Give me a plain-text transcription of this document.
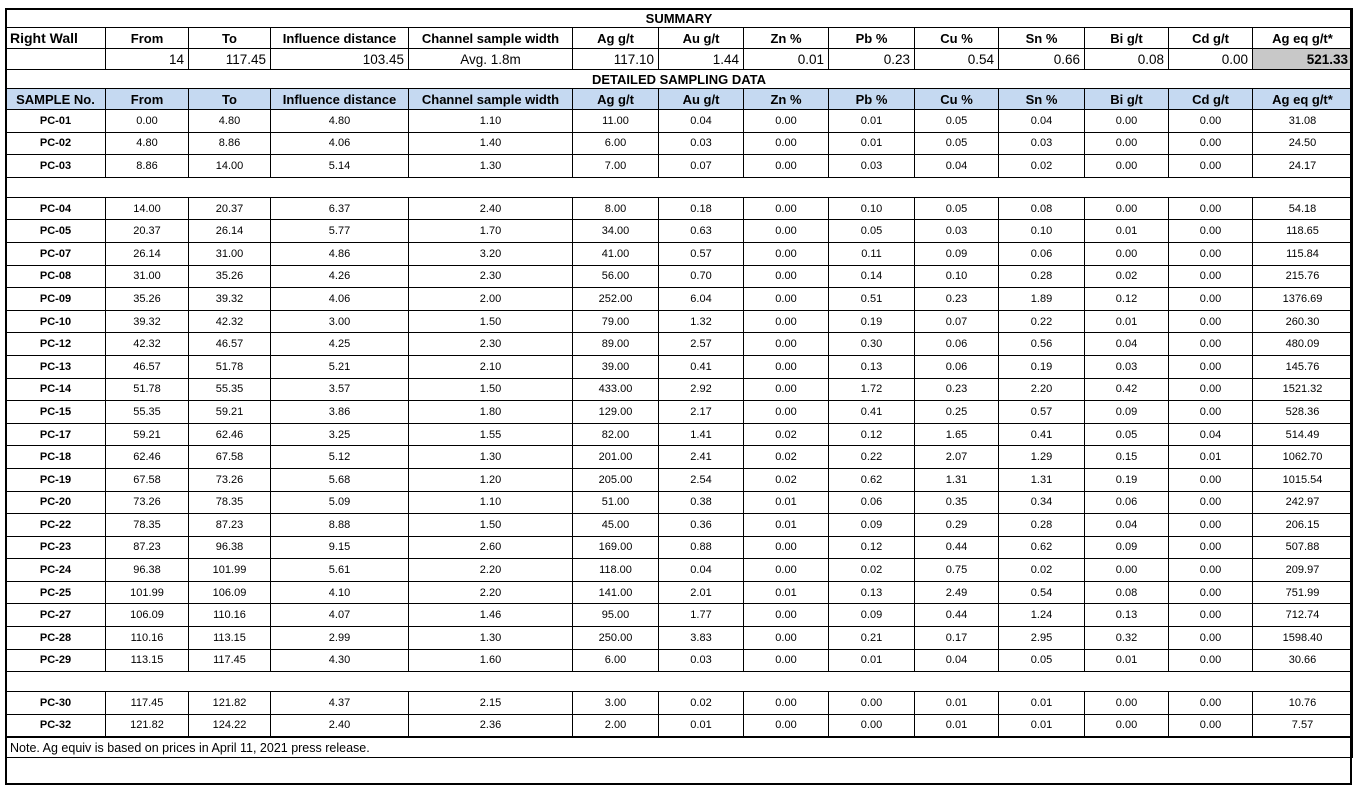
SUMMARY													
Right Wall	From	To	Influence distance	Channel sample width	Ag g/t	Au g/t	Zn %	Pb %	Cu %	Sn %	Bi g/t	Cd g/t	Ag eq g/t*
	14	117.45	103.45	Avg. 1.8m	117.10	1.44	0.01	0.23	0.54	0.66	0.08	0.00	521.33
DETAILED SAMPLING DATA													
SAMPLE No.	From	To	Influence distance	Channel sample width	Ag g/t	Au g/t	Zn %	Pb %	Cu %	Sn %	Bi g/t	Cd g/t	Ag eq g/t*
PC-01	0.00	4.80	4.80	1.10	11.00	0.04	0.00	0.01	0.05	0.04	0.00	0.00	31.08
PC-02	4.80	8.86	4.06	1.40	6.00	0.03	0.00	0.01	0.05	0.03	0.00	0.00	24.50
PC-03	8.86	14.00	5.14	1.30	7.00	0.07	0.00	0.03	0.04	0.02	0.00	0.00	24.17

PC-04	14.00	20.37	6.37	2.40	8.00	0.18	0.00	0.10	0.05	0.08	0.00	0.00	54.18
PC-05	20.37	26.14	5.77	1.70	34.00	0.63	0.00	0.05	0.03	0.10	0.01	0.00	118.65
PC-07	26.14	31.00	4.86	3.20	41.00	0.57	0.00	0.11	0.09	0.06	0.00	0.00	115.84
PC-08	31.00	35.26	4.26	2.30	56.00	0.70	0.00	0.14	0.10	0.28	0.02	0.00	215.76
PC-09	35.26	39.32	4.06	2.00	252.00	6.04	0.00	0.51	0.23	1.89	0.12	0.00	1376.69
PC-10	39.32	42.32	3.00	1.50	79.00	1.32	0.00	0.19	0.07	0.22	0.01	0.00	260.30
PC-12	42.32	46.57	4.25	2.30	89.00	2.57	0.00	0.30	0.06	0.56	0.04	0.00	480.09
PC-13	46.57	51.78	5.21	2.10	39.00	0.41	0.00	0.13	0.06	0.19	0.03	0.00	145.76
PC-14	51.78	55.35	3.57	1.50	433.00	2.92	0.00	1.72	0.23	2.20	0.42	0.00	1521.32
PC-15	55.35	59.21	3.86	1.80	129.00	2.17	0.00	0.41	0.25	0.57	0.09	0.00	528.36
PC-17	59.21	62.46	3.25	1.55	82.00	1.41	0.02	0.12	1.65	0.41	0.05	0.04	514.49
PC-18	62.46	67.58	5.12	1.30	201.00	2.41	0.02	0.22	2.07	1.29	0.15	0.01	1062.70
PC-19	67.58	73.26	5.68	1.20	205.00	2.54	0.02	0.62	1.31	1.31	0.19	0.00	1015.54
PC-20	73.26	78.35	5.09	1.10	51.00	0.38	0.01	0.06	0.35	0.34	0.06	0.00	242.97
PC-22	78.35	87.23	8.88	1.50	45.00	0.36	0.01	0.09	0.29	0.28	0.04	0.00	206.15
PC-23	87.23	96.38	9.15	2.60	169.00	0.88	0.00	0.12	0.44	0.62	0.09	0.00	507.88
PC-24	96.38	101.99	5.61	2.20	118.00	0.04	0.00	0.02	0.75	0.02	0.00	0.00	209.97
PC-25	101.99	106.09	4.10	2.20	141.00	2.01	0.01	0.13	2.49	0.54	0.08	0.00	751.99
PC-27	106.09	110.16	4.07	1.46	95.00	1.77	0.00	0.09	0.44	1.24	0.13	0.00	712.74
PC-28	110.16	113.15	2.99	1.30	250.00	3.83	0.00	0.21	0.17	2.95	0.32	0.00	1598.40
PC-29	113.15	117.45	4.30	1.60	6.00	0.03	0.00	0.01	0.04	0.05	0.01	0.00	30.66

PC-30	117.45	121.82	4.37	2.15	3.00	0.02	0.00	0.00	0.01	0.01	0.00	0.00	10.76
PC-32	121.82	124.22	2.40	2.36	2.00	0.01	0.00	0.00	0.01	0.01	0.00	0.00	7.57
Note. Ag equiv is based on prices in April 11, 2021 press release.													
